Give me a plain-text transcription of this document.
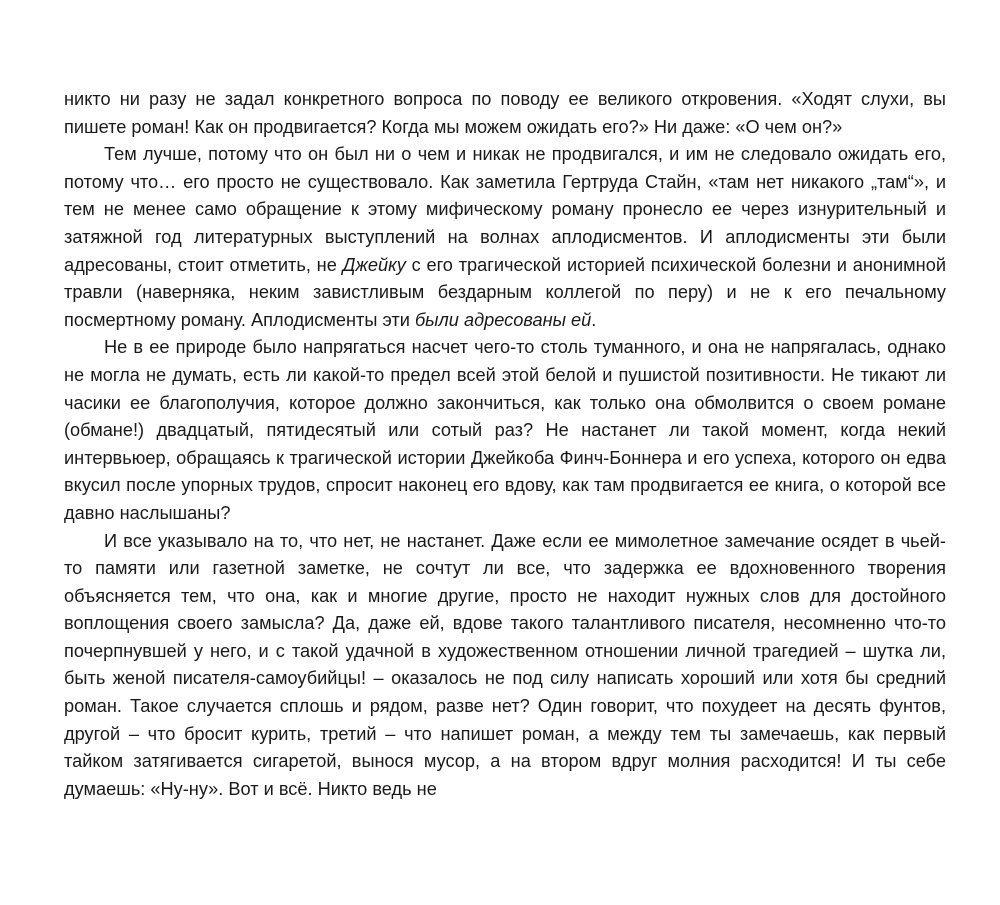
никто ни разу не задал конкретного вопроса по поводу ее великого откровения. «Ходят слухи, вы пишете роман! Как он продвигается? Когда мы можем ожидать его?» Ни даже: «О чем он?»

Тем лучше, потому что он был ни о чем и никак не продвигался, и им не следовало ожидать его, потому что… его просто не существовало. Как заметила Гертруда Стайн, «там нет никакого „там“», и тем не менее само обращение к этому мифическому роману пронесло ее через изнурительный и затяжной год литературных выступлений на волнах аплодисментов. И аплодисменты эти были адресованы, стоит отметить, не Джейку с его трагической историей психической болезни и анонимной травли (наверняка, неким завистливым бездарным коллегой по перу) и не к его печальному посмертному роману. Аплодисменты эти были адресованы ей.

Не в ее природе было напрягаться насчет чего-то столь туманного, и она не напрягалась, однако не могла не думать, есть ли какой-то предел всей этой белой и пушистой позитивности. Не тикают ли часики ее благополучия, которое должно закончиться, как только она обмолвится о своем романе (обмане!) двадцатый, пятидесятый или сотый раз? Не настанет ли такой момент, когда некий интервьюер, обращаясь к трагической истории Джейкоба Финч-Боннера и его успеха, которого он едва вкусил после упорных трудов, спросит наконец его вдову, как там продвигается ее книга, о которой все давно наслышаны?

И все указывало на то, что нет, не настанет. Даже если ее мимолетное замечание осядет в чьей-то памяти или газетной заметке, не сочтут ли все, что задержка ее вдохновенного творения объясняется тем, что она, как и многие другие, просто не находит нужных слов для достойного воплощения своего замысла? Да, даже ей, вдове такого талантливого писателя, несомненно что-то почерпнувшей у него, и с такой удачной в художественном отношении личной трагедией – шутка ли, быть женой писателя-самоубийцы! – оказалось не под силу написать хороший или хотя бы средний роман. Такое случается сплошь и рядом, разве нет? Один говорит, что похудеет на десять фунтов, другой – что бросит курить, третий – что напишет роман, а между тем ты замечаешь, как первый тайком затягивается сигаретой, вынося мусор, а на втором вдруг молния расходится! И ты себе думаешь: «Ну-ну». Вот и всё. Никто ведь не
